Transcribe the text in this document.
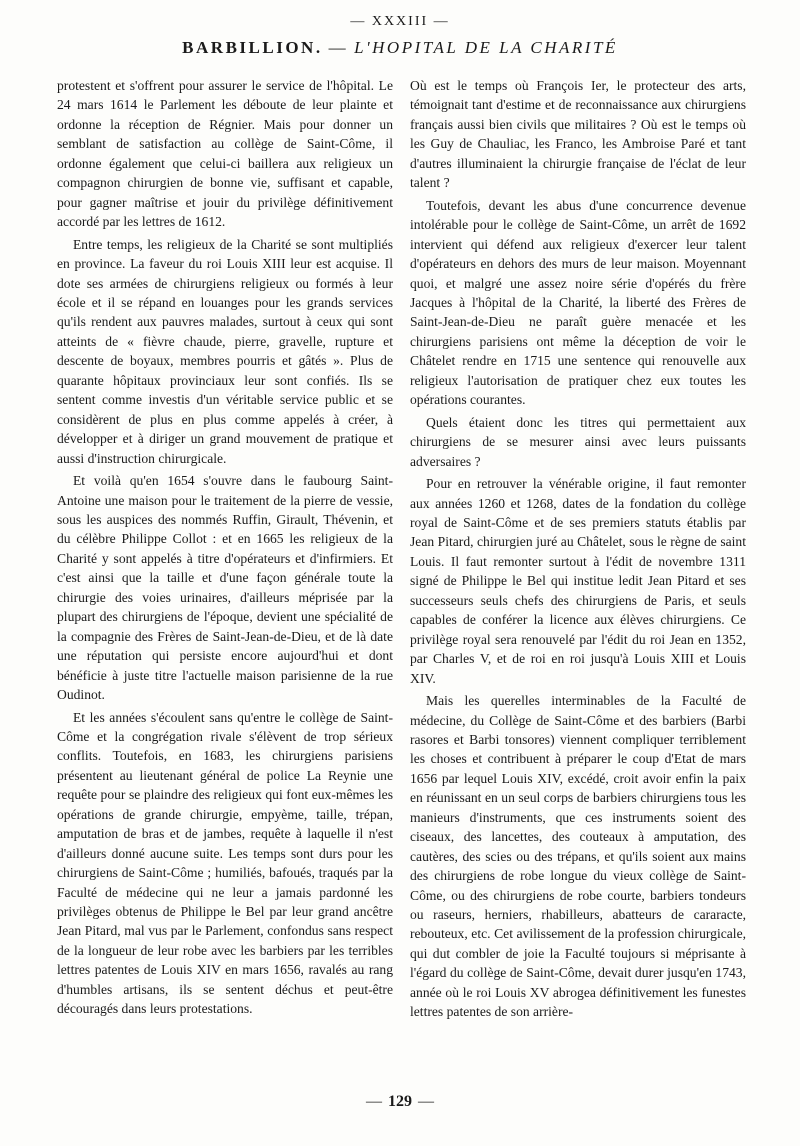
— XXXIII —
BARBILLION. — L'HOPITAL DE LA CHARITÉ

protestent et s'offrent pour assurer le service de l'hôpital. Le 24 mars 1614 le Parlement les déboute de leur plainte et ordonne la réception de Régnier. Mais pour donner un semblant de satisfaction au collège de Saint-Côme, il ordonne également que celui-ci baillera aux religieux un compagnon chirurgien de bonne vie, suffisant et capable, pour gagner maîtrise et jouir du privilège définitivement accordé par les lettres de 1612.

Entre temps, les religieux de la Charité se sont multipliés en province. La faveur du roi Louis XIII leur est acquise. Il dote ses armées de chirurgiens religieux ou formés à leur école et il se répand en louanges pour les grands services qu'ils rendent aux pauvres malades, surtout à ceux qui sont atteints de « fièvre chaude, pierre, gravelle, rupture et descente de boyaux, membres pourris et gâtés ». Plus de quarante hôpitaux provinciaux leur sont confiés. Ils se sentent comme investis d'un véritable service public et se considèrent de plus en plus comme appelés à créer, à développer et à diriger un grand mouvement de pratique et aussi d'instruction chirurgicale.

Et voilà qu'en 1654 s'ouvre dans le faubourg Saint-Antoine une maison pour le traitement de la pierre de vessie, sous les auspices des nommés Ruffin, Girault, Thévenin, et du célèbre Philippe Collot : et en 1665 les religieux de la Charité y sont appelés à titre d'opérateurs et d'infirmiers. Et c'est ainsi que la taille et d'une façon générale toute la chirurgie des voies urinaires, d'ailleurs méprisée par la plupart des chirurgiens de l'époque, devient une spécialité de la compagnie des Frères de Saint-Jean-de-Dieu, et de là date une réputation qui persiste encore aujourd'hui et dont bénéficie à juste titre l'actuelle maison parisienne de la rue Oudinot.

Et les années s'écoulent sans qu'entre le collège de Saint-Côme et la congrégation rivale s'élèvent de trop sérieux conflits. Toutefois, en 1683, les chirurgiens parisiens présentent au lieutenant général de police La Reynie une requête pour se plaindre des religieux qui font eux-mêmes les opérations de grande chirurgie, empyème, taille, trépan, amputation de bras et de jambes, requête à laquelle il n'est d'ailleurs donné aucune suite. Les temps sont durs pour les chirurgiens de Saint-Côme ; humiliés, bafoués, traqués par la Faculté de médecine qui ne leur a jamais pardonné les privilèges obtenus de Philippe le Bel par leur grand ancêtre Jean Pitard, mal vus par le Parlement, confondus sans respect de la longueur de leur robe avec les barbiers par les terribles lettres patentes de Louis XIV en mars 1656, ravalés au rang d'humbles artisans, ils se sentent déchus et peut-être découragés dans leurs protestations.

Où est le temps où François Ier, le protecteur des arts, témoignait tant d'estime et de reconnaissance aux chirurgiens français aussi bien civils que militaires ? Où est le temps où les Guy de Chauliac, les Franco, les Ambroise Paré et tant d'autres illuminaient la chirurgie française de l'éclat de leur talent ?

Toutefois, devant les abus d'une concurrence devenue intolérable pour le collège de Saint-Côme, un arrêt de 1692 intervient qui défend aux religieux d'exercer leur talent d'opérateurs en dehors des murs de leur maison. Moyennant quoi, et malgré une assez noire série d'opérés du frère Jacques à l'hôpital de la Charité, la liberté des Frères de Saint-Jean-de-Dieu ne paraît guère menacée et les chirurgiens parisiens ont même la déception de voir le Châtelet rendre en 1715 une sentence qui renouvelle aux religieux l'autorisation de pratiquer chez eux toutes les opérations courantes.

Quels étaient donc les titres qui permettaient aux chirurgiens de se mesurer ainsi avec leurs puissants adversaires ?

Pour en retrouver la vénérable origine, il faut remonter aux années 1260 et 1268, dates de la fondation du collège royal de Saint-Côme et de ses premiers statuts établis par Jean Pitard, chirurgien juré au Châtelet, sous le règne de saint Louis. Il faut remonter surtout à l'édit de novembre 1311 signé de Philippe le Bel qui institue ledit Jean Pitard et ses successeurs seuls chefs des chirurgiens de Paris, et seuls capables de conférer la licence aux élèves chirurgiens. Ce privilège royal sera renouvelé par l'édit du roi Jean en 1352, par Charles V, et de roi en roi jusqu'à Louis XIII et Louis XIV.

Mais les querelles interminables de la Faculté de médecine, du Collège de Saint-Côme et des barbiers (Barbi rasores et Barbi tonsores) viennent compliquer terriblement les choses et contribuent à préparer le coup d'Etat de mars 1656 par lequel Louis XIV, excédé, croit avoir enfin la paix en réunissant en un seul corps de barbiers chirurgiens tous les manieurs d'instruments, que ces instruments soient des ciseaux, des lancettes, des couteaux à amputation, des cautères, des scies ou des trépans, et qu'ils soient aux mains des chirurgiens de robe longue du vieux collège de Saint-Côme, ou des chirurgiens de robe courte, barbiers tondeurs ou raseurs, herniers, rhabilleurs, abatteurs de cararacte, rebouteux, etc. Cet avilissement de la profession chirurgicale, qui dut combler de joie la Faculté toujours si méprisante à l'égard du collège de Saint-Côme, devait durer jusqu'en 1743, année où le roi Louis XV abrogea définitivement les funestes lettres patentes de son arrière-

— 129 —
